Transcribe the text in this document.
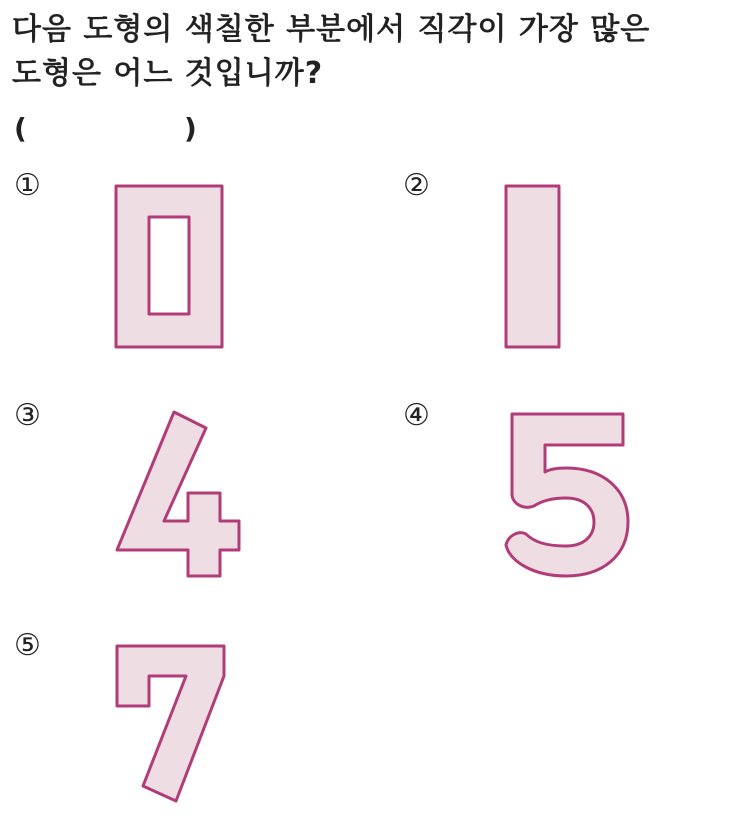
다음 도형의 색칠한 부분에서 직각이 가장 많은
도형은 어느 것입니까?
(	)
①	②
③	④
⑤
